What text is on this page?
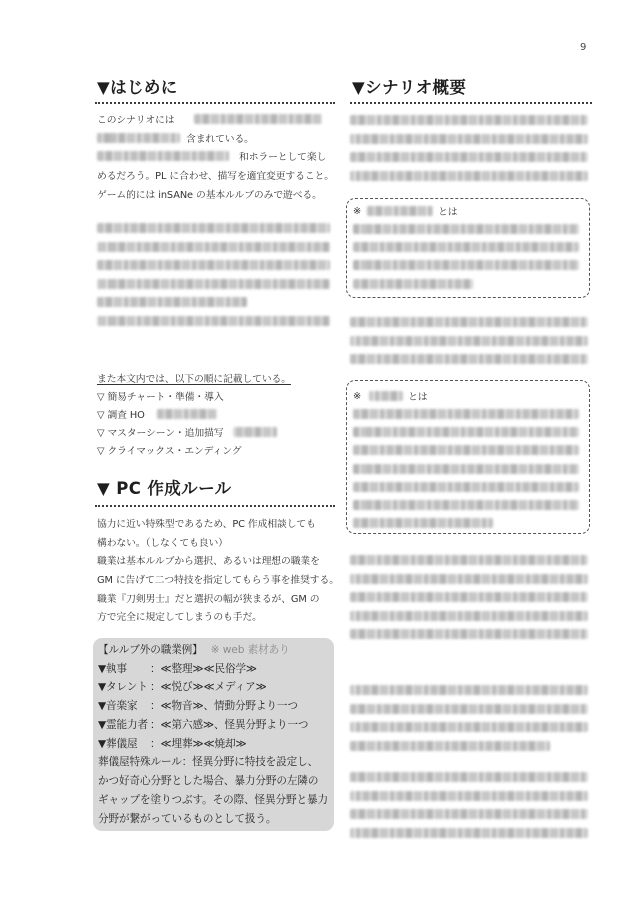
9
▼はじめに
このシナリオには
含まれている。
和ホラーとして楽し
めるだろう。PL に合わせ、描写を適宜変更すること。
ゲーム的には inSANe の基本ルルブのみで遊べる。
また本文内では、以下の順に記載している。
▽ 簡易チャート・準備・導入
▽ 調査 HO
▽ マスターシーン・追加描写
▽ クライマックス・エンディング
▼ PC 作成ルール
協力に近い特殊型であるため、PC 作成相談しても
構わない。（しなくても良い）
職業は基本ルルブから選択、あるいは理想の職業を
GM に告げて二つ特技を指定してもらう事を推奨する。
職業『刀剣男士』だと選択の幅が狭まるが、GM の
方で完全に規定してしまうのも手だ。
【ルルブ外の職業例】 ※ web 素材あり
▼執事	：≪整理≫≪民俗学≫
▼タレント ：≪悦び≫≪メディア≫
▼音楽家	：≪物音≫、情動分野より一つ
▼霊能力者 ：≪第六感≫、怪異分野より一つ
▼葬儀屋	：≪埋葬≫≪焼却≫
葬儀屋特殊ルール：怪異分野に特技を設定し、
かつ好奇心分野とした場合、暴力分野の左隣の
ギャップを塗りつぶす。その際、怪異分野と暴力
分野が繋がっているものとして扱う。
▼シナリオ概要
※	とは
※	とは
